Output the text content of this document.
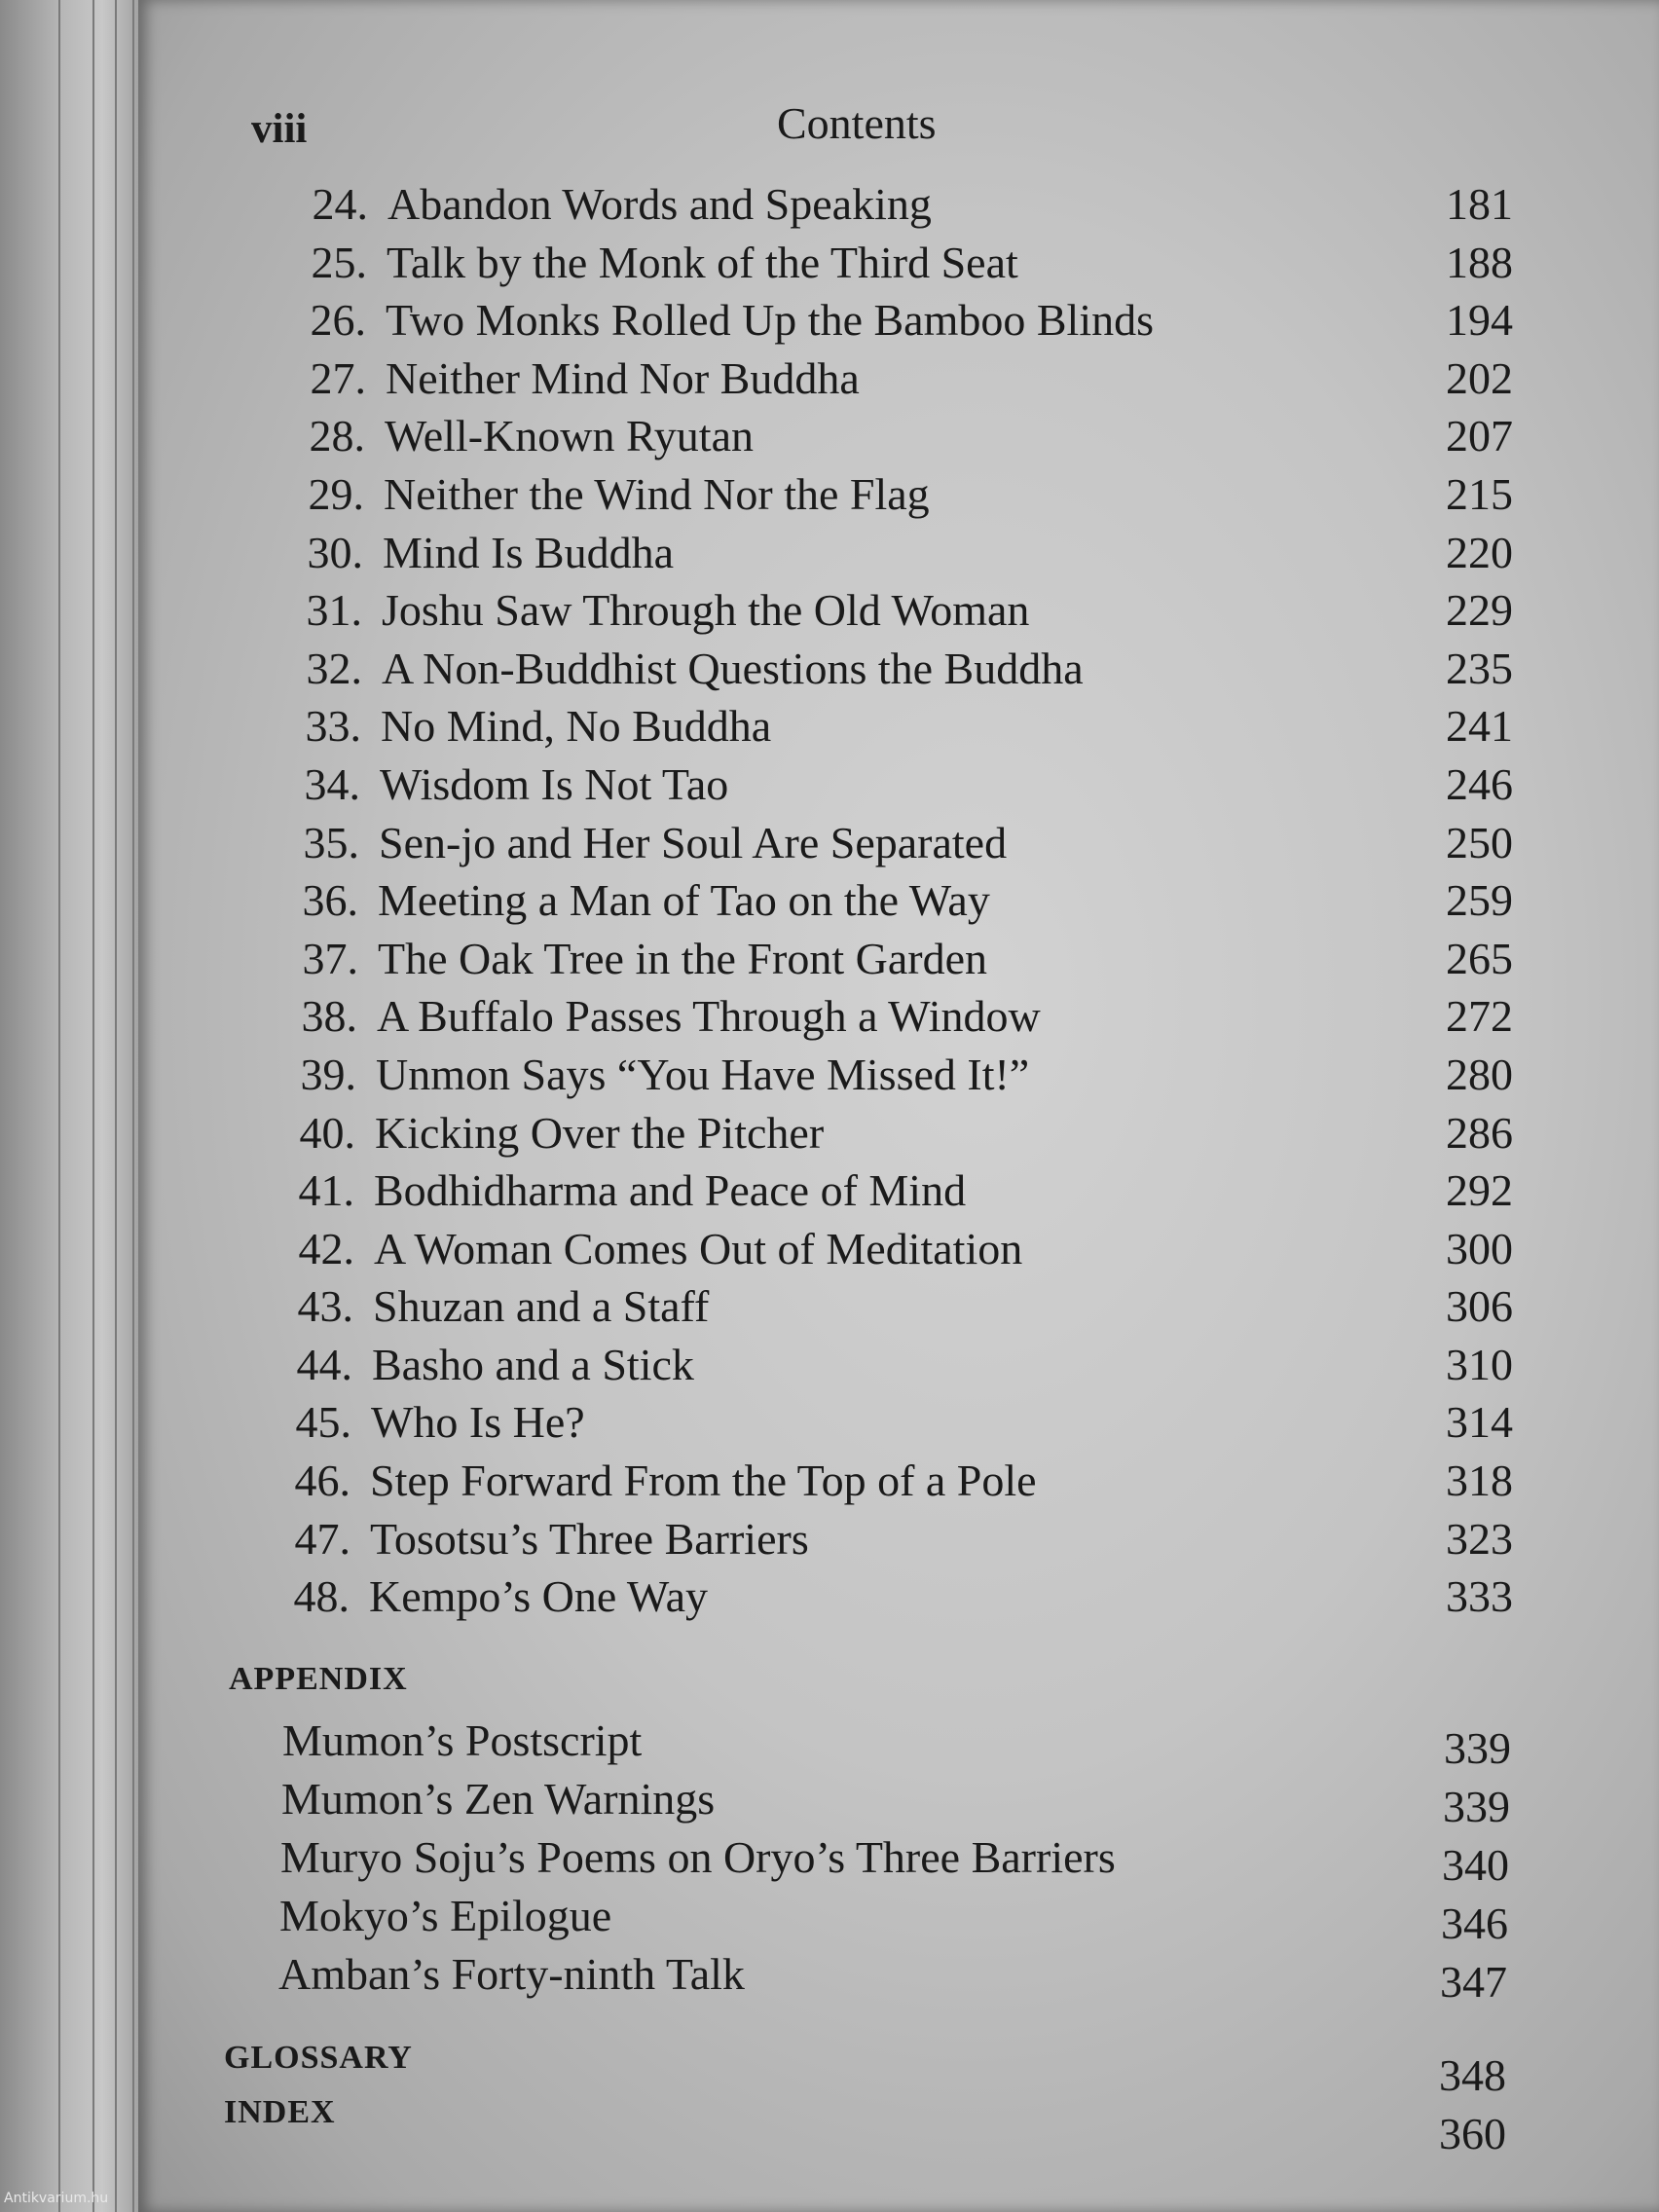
viii	Contents
24. Abandon Words and Speaking	181
25. Talk by the Monk of the Third Seat	188
26. Two Monks Rolled Up the Bamboo Blinds	194
27. Neither Mind Nor Buddha	202
28. Well-Known Ryutan	207
29. Neither the Wind Nor the Flag	215
30. Mind Is Buddha	220
31. Joshu Saw Through the Old Woman	229
32. A Non-Buddhist Questions the Buddha	235
33. No Mind, No Buddha	241
34. Wisdom Is Not Tao	246
35. Sen-jo and Her Soul Are Separated	250
36. Meeting a Man of Tao on the Way	259
37. The Oak Tree in the Front Garden	265
38. A Buffalo Passes Through a Window	272
39. Unmon Says “You Have Missed It!”	280
40. Kicking Over the Pitcher	286
41. Bodhidharma and Peace of Mind	292
42. A Woman Comes Out of Meditation	300
43. Shuzan and a Staff	306
44. Basho and a Stick	310
45. Who Is He?	314
46. Step Forward From the Top of a Pole	318
47. Tosotsu’s Three Barriers	323
48. Kempo’s One Way	333
APPENDIX
Mumon’s Postscript	339
Mumon’s Zen Warnings	339
Muryo Soju’s Poems on Oryo’s Three Barriers	340
Mokyo’s Epilogue	346
Amban’s Forty-ninth Talk	347
GLOSSARY	348
INDEX	360
Antikvarium.hu
